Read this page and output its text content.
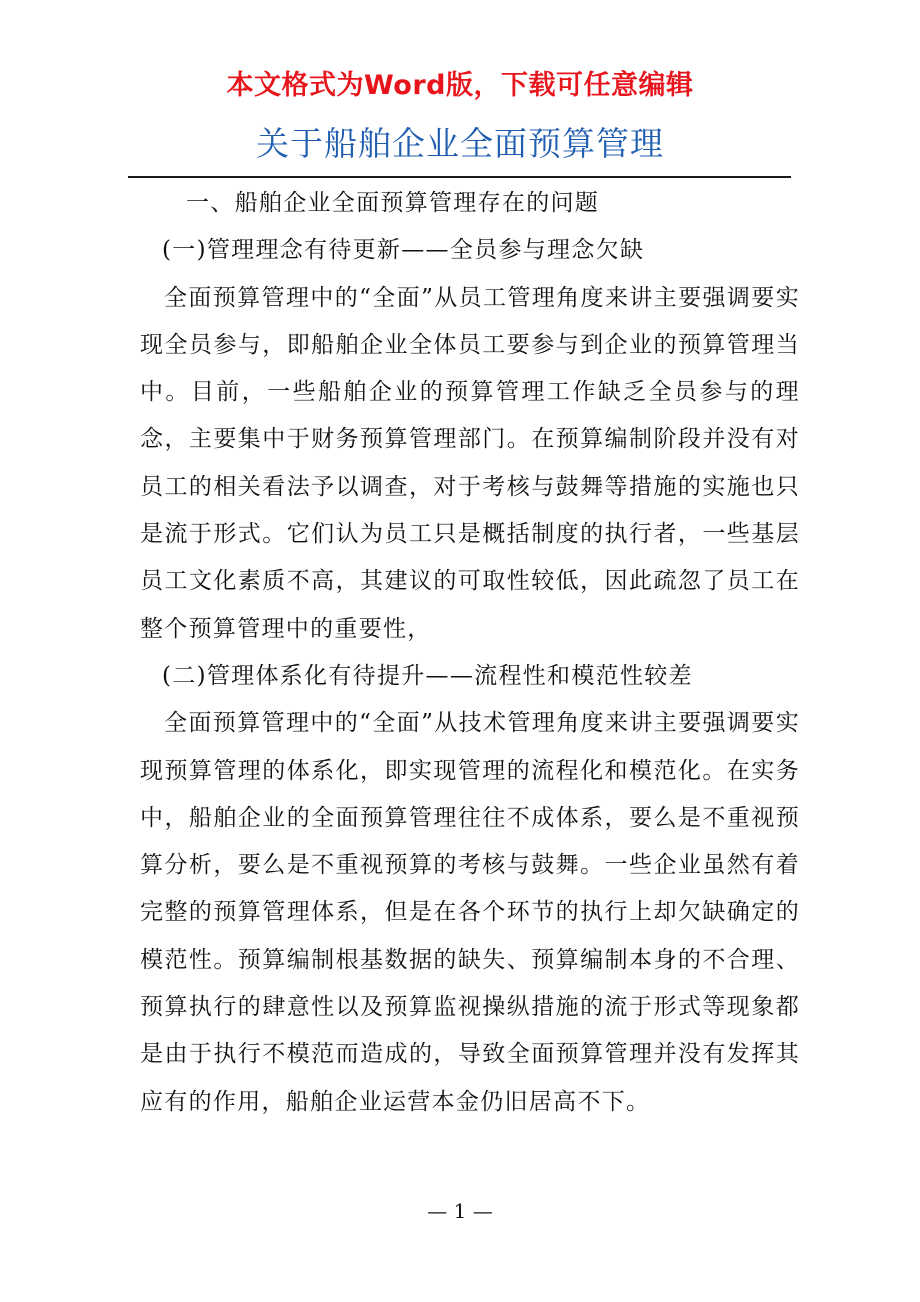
本文格式为Word版，下载可任意编辑
关于船舶企业全面预算管理

一、船舶企业全面预算管理存在的问题

(一)管理理念有待更新——全员参与理念欠缺

全面预算管理中的“全面”从员工管理角度来讲主要强调要实现全员参与，即船舶企业全体员工要参与到企业的预算管理当中。目前，一些船舶企业的预算管理工作缺乏全员参与的理念，主要集中于财务预算管理部门。在预算编制阶段并没有对员工的相关看法予以调查，对于考核与鼓舞等措施的实施也只是流于形式。它们认为员工只是概括制度的执行者，一些基层员工文化素质不高，其建议的可取性较低，因此疏忽了员工在整个预算管理中的重要性，

(二)管理体系化有待提升——流程性和模范性较差

全面预算管理中的“全面”从技术管理角度来讲主要强调要实现预算管理的体系化，即实现管理的流程化和模范化。在实务中，船舶企业的全面预算管理往往不成体系，要么是不重视预算分析，要么是不重视预算的考核与鼓舞。一些企业虽然有着完整的预算管理体系，但是在各个环节的执行上却欠缺确定的模范性。预算编制根基数据的缺失、预算编制本身的不合理、预算执行的肆意性以及预算监视操纵措施的流于形式等现象都是由于执行不模范而造成的，导致全面预算管理并没有发挥其应有的作用，船舶企业运营本金仍旧居高不下。

— 1 —
